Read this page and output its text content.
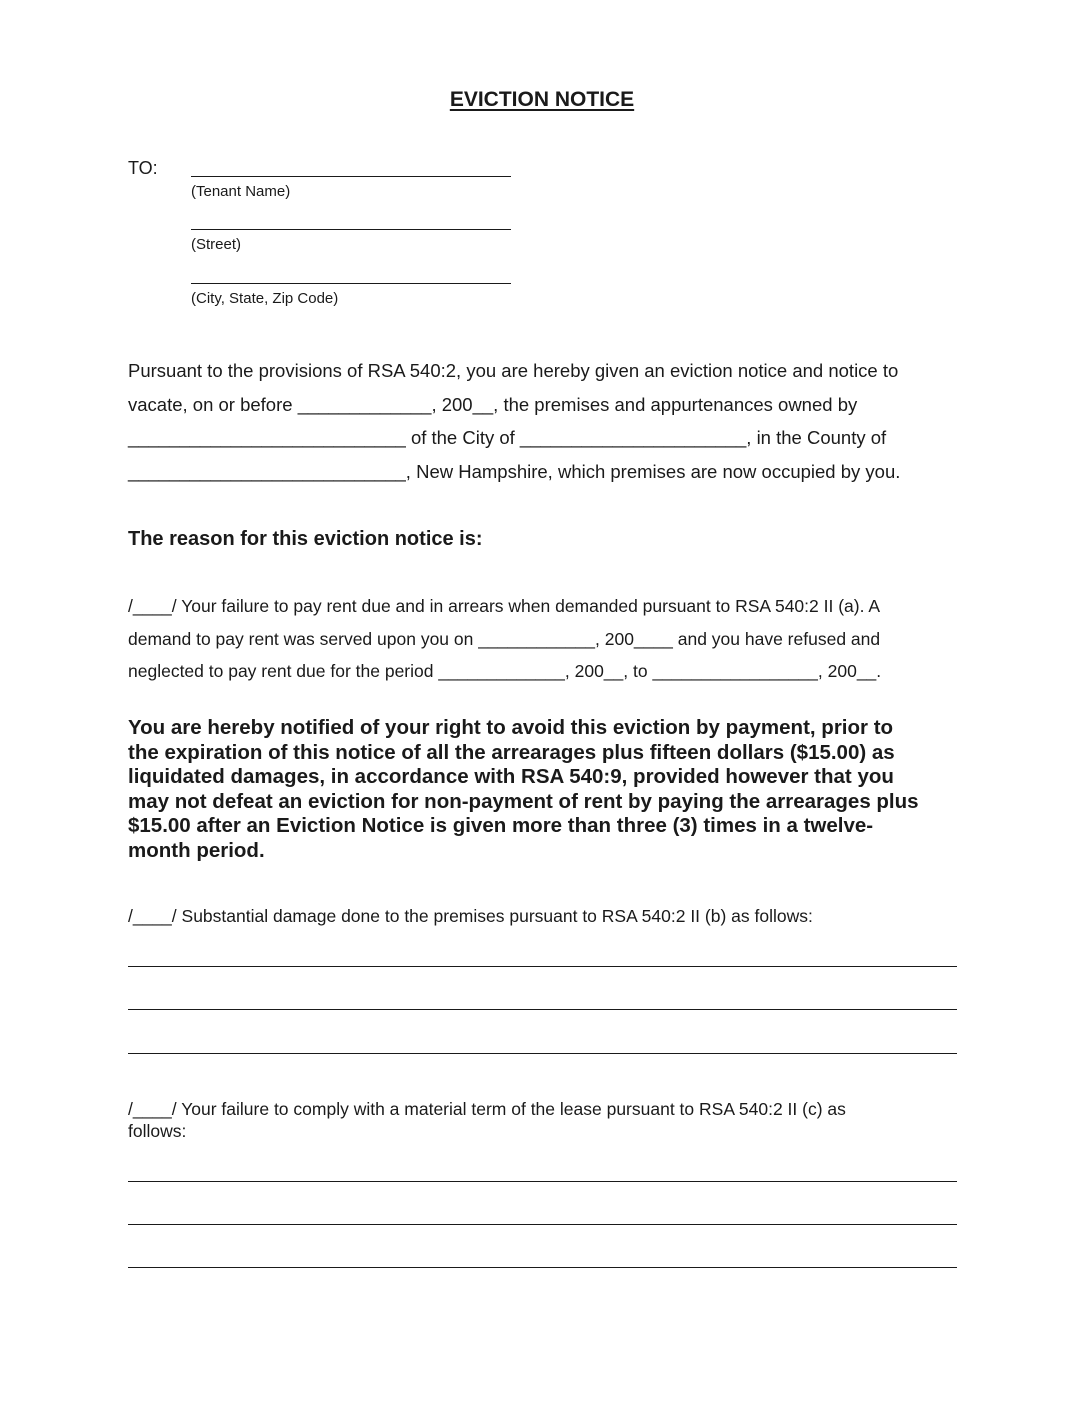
EVICTION NOTICE
TO:
(Tenant Name)
(Street)
(City, State, Zip Code)
Pursuant to the provisions of RSA 540:2, you are hereby given an eviction notice and notice to
vacate, on or before _____________, 200__, the premises and appurtenances owned by
___________________________ of the City of ______________________, in the County of
___________________________, New Hampshire, which premises are now occupied by you.
The reason for this eviction notice is:
/____/ Your failure to pay rent due and in arrears when demanded pursuant to RSA 540:2 II (a). A
demand to pay rent was served upon you on ____________, 200____ and you have refused and
neglected to pay rent due for the period _____________, 200__, to _________________, 200__.
You are hereby notified of your right to avoid this eviction by payment, prior to
the expiration of this notice of all the arrearages plus fifteen dollars ($15.00) as
liquidated damages, in accordance with RSA 540:9, provided however that you
may not defeat an eviction for non-payment of rent by paying the arrearages plus
$15.00 after an Eviction Notice is given more than three (3) times in a twelve-
month period.
/____/ Substantial damage done to the premises pursuant to RSA 540:2 II (b) as follows:
/____/ Your failure to comply with a material term of the lease pursuant to RSA 540:2 II (c) as
follows:
